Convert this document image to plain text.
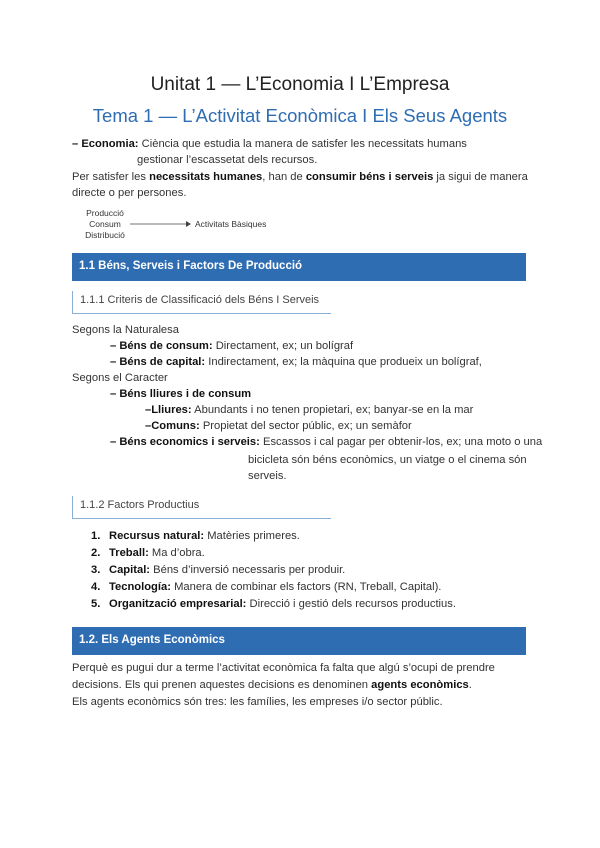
Unitat 1 — L’Economia I L’Empresa
Tema 1 — L’Activitat Econòmica I Els Seus Agents
– Economia: Ciència que estudia la manera de satisfer les necessitats humans
gestionar l’escassetat dels recursos.
Per satisfer les necessitats humanes, han de consumir béns i serveis ja sigui de manera
directe o per persones.
Producció
Consum
Distribució
Activitats Bàsiques
1.1 Béns, Serveis i Factors De Producció
1.1.1 Criteris de Classificació dels Béns I Serveis
Segons la Naturalesa
– Béns de consum: Directament, ex; un bolígraf
– Béns de capital: Indirectament, ex; la màquina que produeix un bolígraf,
Segons el Caracter
– Béns lliures i de consum
–Lliures: Abundants i no tenen propietari, ex; banyar-se en la mar
–Comuns: Propietat del sector públic, ex; un semàfor
– Béns economics i serveis: Escassos i cal pagar per obtenir-los, ex; una moto o una
bicicleta són béns econòmics, un viatge o el cinema són
serveis.
1.1.2 Factors Productius
1. Recursus natural: Matèries primeres.
2. Treball: Ma d’obra.
3. Capital: Béns d’inversió necessaris per produir.
4. Tecnología: Manera de combinar els factors (RN, Treball, Capital).
5. Organització empresarial: Direcció i gestió dels recursos productius.
1.2. Els Agents Econòmics
Perquè es pugui dur a terme l’activitat econòmica fa falta que algú s’ocupi de prendre
decisions. Els qui prenen aquestes decisions es denominen agents econòmics.
Els agents econòmics són tres: les famílies, les empreses i/o sector públic.
